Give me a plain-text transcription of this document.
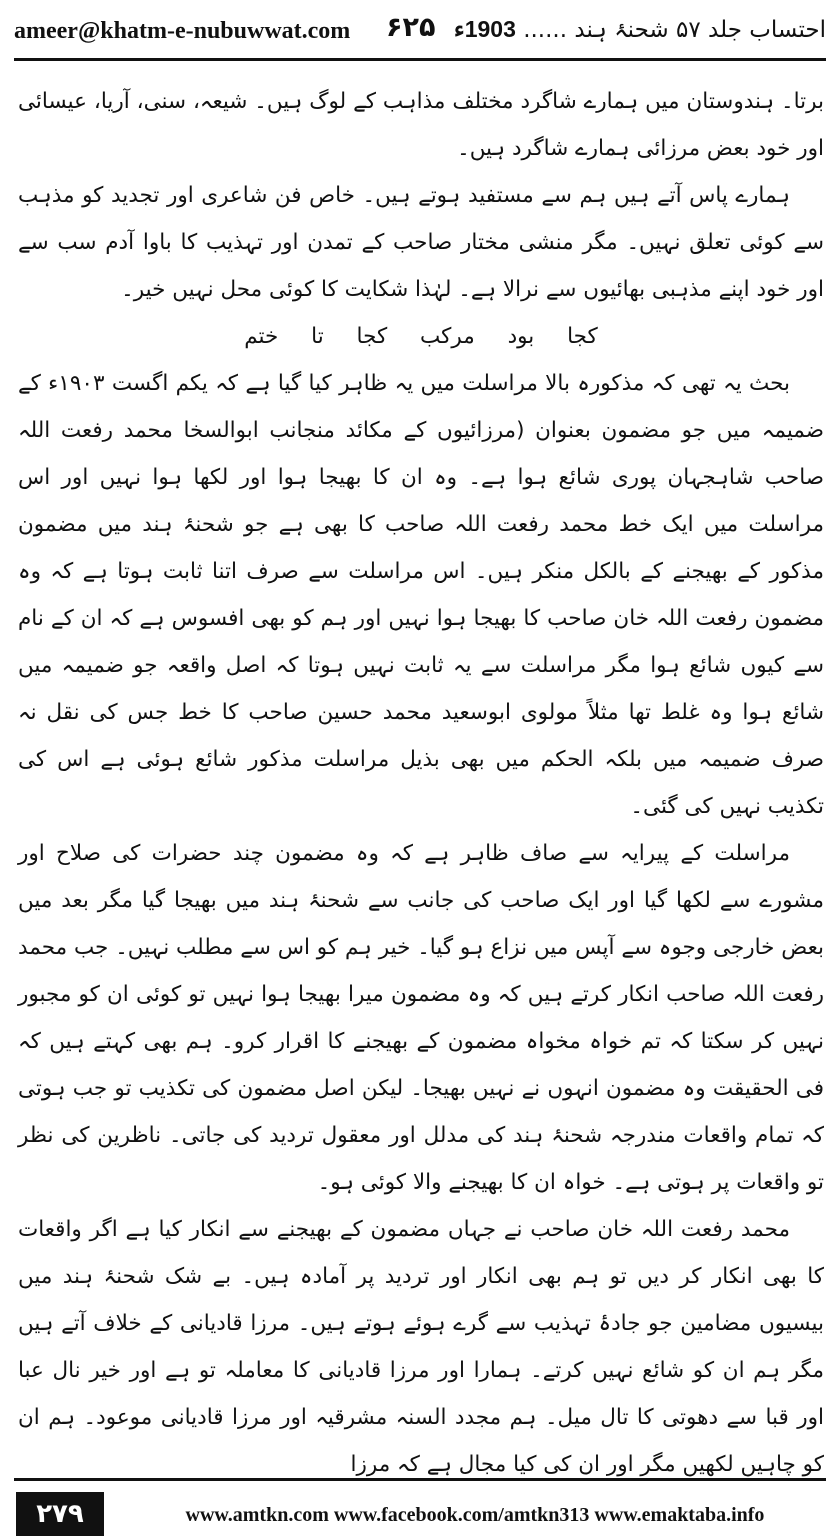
ameer@khatm-e-nubuwwat.com ۶۲۵	احتساب جلد ۵۷ شحنۂ ہند ...... 1903ء

برتا۔ ہندوستان میں ہمارے شاگرد مختلف مذاہب کے لوگ ہیں۔ شیعہ، سنی، آریا، عیسائی اور خود بعض مرزائی ہمارے شاگرد ہیں۔

ہمارے پاس آتے ہیں ہم سے مستفید ہوتے ہیں۔ خاص فن شاعری اور تجدید کو مذہب سے کوئی تعلق نہیں۔ مگر منشی مختار صاحب کے تمدن اور تہذیب کا باوا آدم سب سے اور خود اپنے مذہبی بھائیوں سے نرالا ہے۔ لہٰذا شکایت کا کوئی محل نہیں خیر۔

کجا بود مرکب کجا تا ختم

بحث یہ تھی کہ مذکورہ بالا مراسلت میں یہ ظاہر کیا گیا ہے کہ یکم اگست ۱۹۰۳ء کے ضمیمہ میں جو مضمون بعنوان (مرزائیوں کے مکائد منجانب ابوالسخا محمد رفعت اللہ صاحب شاہجہان پوری شائع ہوا ہے۔ وہ ان کا بھیجا ہوا اور لکھا ہوا نہیں اور اس مراسلت میں ایک خط محمد رفعت اللہ صاحب کا بھی ہے جو شحنۂ ہند میں مضمون مذکور کے بھیجنے کے بالکل منکر ہیں۔ اس مراسلت سے صرف اتنا ثابت ہوتا ہے کہ وہ مضمون رفعت اللہ خان صاحب کا بھیجا ہوا نہیں اور ہم کو بھی افسوس ہے کہ ان کے نام سے کیوں شائع ہوا مگر مراسلت سے یہ ثابت نہیں ہوتا کہ اصل واقعہ جو ضمیمہ میں شائع ہوا وہ غلط تھا مثلاً مولوی ابوسعید محمد حسین صاحب کا خط جس کی نقل نہ صرف ضمیمہ میں بلکہ الحکم میں بھی بذیل مراسلت مذکور شائع ہوئی ہے اس کی تکذیب نہیں کی گئی۔

مراسلت کے پیرایہ سے صاف ظاہر ہے کہ وہ مضمون چند حضرات کی صلاح اور مشورے سے لکھا گیا اور ایک صاحب کی جانب سے شحنۂ ہند میں بھیجا گیا مگر بعد میں بعض خارجی وجوہ سے آپس میں نزاع ہو گیا۔ خیر ہم کو اس سے مطلب نہیں۔ جب محمد رفعت اللہ صاحب انکار کرتے ہیں کہ وہ مضمون میرا بھیجا ہوا نہیں تو کوئی ان کو مجبور نہیں کر سکتا کہ تم خواہ مخواہ مضمون کے بھیجنے کا اقرار کرو۔ ہم بھی کہتے ہیں کہ فی الحقیقت وہ مضمون انہوں نے نہیں بھیجا۔ لیکن اصل مضمون کی تکذیب تو جب ہوتی کہ تمام واقعات مندرجہ شحنۂ ہند کی مدلل اور معقول تردید کی جاتی۔ ناظرین کی نظر تو واقعات پر ہوتی ہے۔ خواہ ان کا بھیجنے والا کوئی ہو۔

محمد رفعت اللہ خان صاحب نے جہاں مضمون کے بھیجنے سے انکار کیا ہے اگر واقعات کا بھی انکار کر دیں تو ہم بھی انکار اور تردید پر آمادہ ہیں۔ بے شک شحنۂ ہند میں بیسیوں مضامین جو جادۂ تہذیب سے گرے ہوئے ہوتے ہیں۔ مرزا قادیانی کے خلاف آتے ہیں مگر ہم ان کو شائع نہیں کرتے۔ ہمارا اور مرزا قادیانی کا معاملہ تو ہے اور خیر نال عبا اور قبا سے دھوتی کا تال میل۔ ہم مجدد السنہ مشرقیہ اور مرزا قادیانی موعود۔ ہم ان کو چاہیں لکھیں مگر اور ان کی کیا مجال ہے کہ مرزا

۲۷۹	www.amtkn.com www.facebook.com/amtkn313 www.emaktaba.info
